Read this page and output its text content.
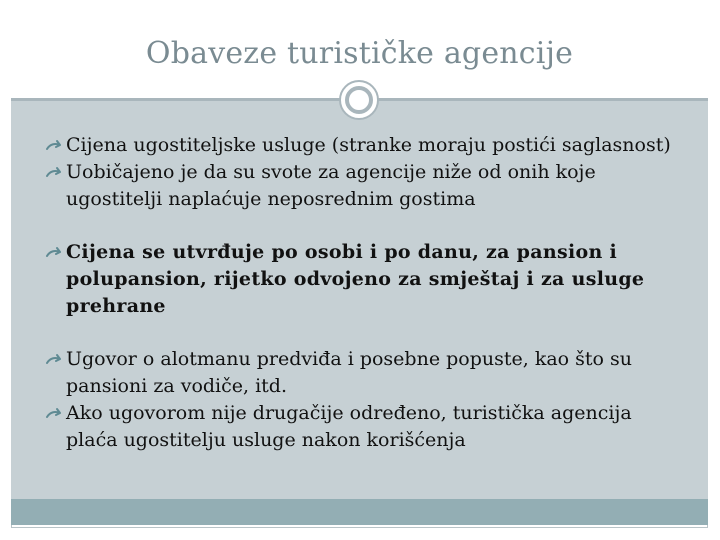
Obaveze turističke agencije

Cijena ugostiteljske usluge (stranke moraju postići saglasnost)

Uobičajeno je da su svote za agencije niže od onih koje ugostitelji naplaćuje neposrednim gostima

Cijena se utvrđuje po osobi i po danu, za pansion i polupansion, rijetko odvojeno za smještaj i za usluge prehrane

Ugovor o alotmanu predviđa i posebne popuste, kao što su pansioni za vodiče, itd.

Ako ugovorom nije drugačije određeno, turistička agencija plaća ugostitelju usluge nakon korišćenja
